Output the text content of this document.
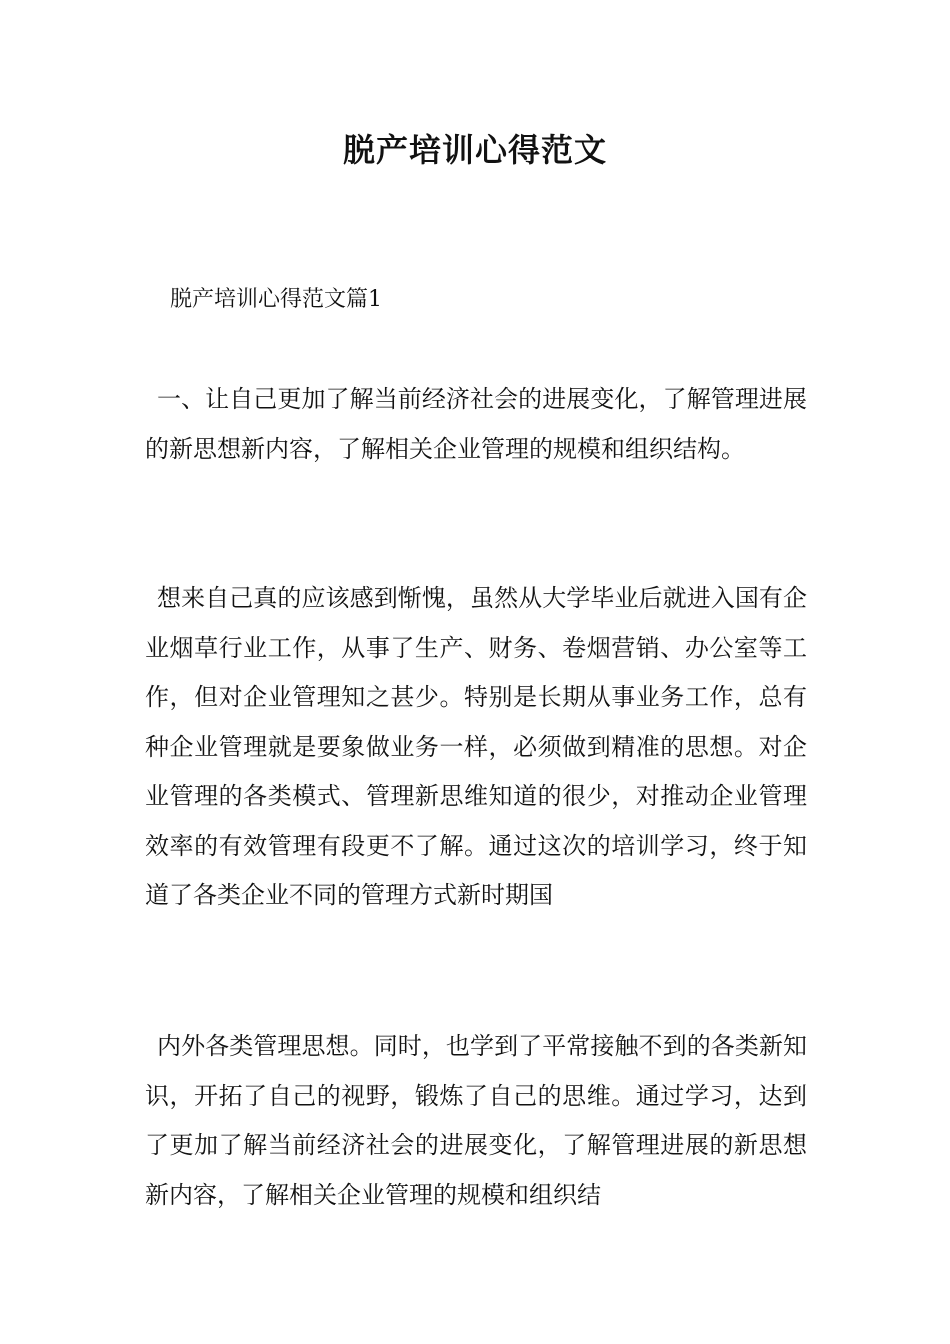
脱产培训心得范文

脱产培训心得范文篇1

一、让自己更加了解当前经济社会的进展变化，了解管理进展的新思想新内容，了解相关企业管理的规模和组织结构。

想来自己真的应该感到惭愧，虽然从大学毕业后就进入国有企业烟草行业工作，从事了生产、财务、卷烟营销、办公室等工作，但对企业管理知之甚少。特别是长期从事业务工作，总有种企业管理就是要象做业务一样，必须做到精准的思想。对企业管理的各类模式、管理新思维知道的很少，对推动企业管理效率的有效管理有段更不了解。通过这次的培训学习，终于知道了各类企业不同的管理方式新时期国

内外各类管理思想。同时，也学到了平常接触不到的各类新知识，开拓了自己的视野，锻炼了自己的思维。通过学习，达到了更加了解当前经济社会的进展变化，了解管理进展的新思想新内容，了解相关企业管理的规模和组织结
